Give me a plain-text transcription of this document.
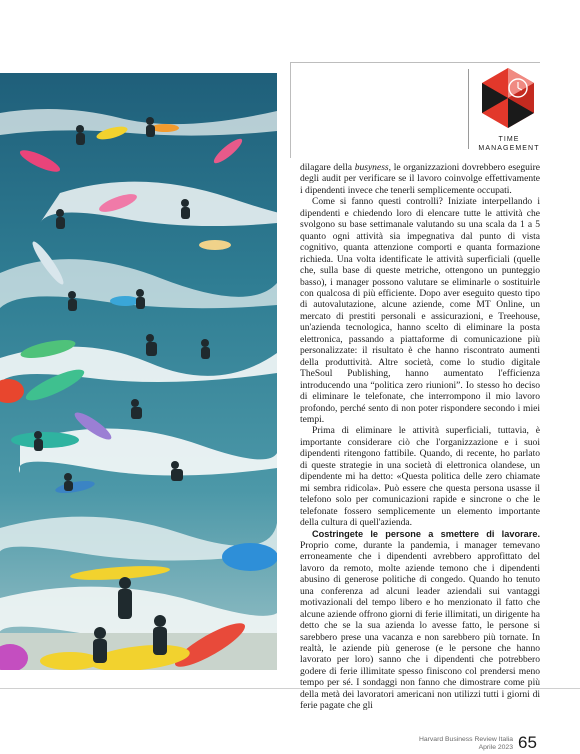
TIME
MANAGEMENT

dilagare della busyness, le organizzazioni dovrebbero eseguire degli audit per verificare se il lavoro coinvolge effettivamente i dipendenti invece che tenerli semplicemente occupati.

Come si fanno questi controlli? Iniziate interpellando i dipendenti e chiedendo loro di elencare tutte le attività che svolgono su base settimanale valutando su una scala da 1 a 5 quanto ogni attività sia impegnativa dal punto di vista cognitivo, quanta attenzione comporti e quanta formazione richieda. Una volta identificate le attività superficiali (quelle che, sulla base di queste metriche, ottengono un punteggio basso), i manager possono valutare se eliminarle o sostituirle con qualcosa di più efficiente. Dopo aver eseguito questo tipo di autovalutazione, alcune aziende, come MT Online, un mercato di prestiti personali e assicurazioni, e Treehouse, un'azienda tecnologica, hanno scelto di eliminare la posta elettronica, passando a piattaforme di comunicazione più personalizzate: il risultato è che hanno riscontrato aumenti della produttività. Altre società, come lo studio digitale TheSoul Publishing, hanno aumentato l'efficienza introducendo una “politica zero riunioni”. Io stesso ho deciso di eliminare le telefonate, che interrompono il mio lavoro profondo, perché sento di non poter rispondere secondo i miei tempi.

Prima di eliminare le attività superficiali, tuttavia, è importante considerare ciò che l'organizzazione e i suoi dipendenti ritengono fattibile. Quando, di recente, ho parlato di queste strategie in una società di elettronica olandese, un dipendente mi ha detto: «Questa politica delle zero chiamate mi sembra ridicola». Può essere che questa persona usasse il telefono solo per comunicazioni rapide e sincrone o che le telefonate fossero semplicemente un elemento importante della cultura di quell'azienda.

Costringete le persone a smettere di lavorare. Proprio come, durante la pandemia, i manager temevano erroneamente che i dipendenti avrebbero approfittato del lavoro da remoto, molte aziende temono che i dipendenti abusino di generose politiche di congedo. Quando ho tenuto una conferenza ad alcuni leader aziendali sui vantaggi motivazionali del tempo libero e ho menzionato il fatto che alcune aziende offrono giorni di ferie illimitati, un dirigente ha detto che se la sua azienda lo avesse fatto, le persone si sarebbero prese una vacanza e non sarebbero più tornate. In realtà, le aziende più generose (e le persone che hanno lavorato per loro) sanno che i dipendenti che potrebbero godere di ferie illimitate spesso finiscono col prendersi meno tempo per sé. I sondaggi non fanno che dimostrare come più della metà dei lavoratori americani non utilizzi tutti i giorni di ferie pagate che gli

Harvard Business Review Italia
Aprile 2023 65
